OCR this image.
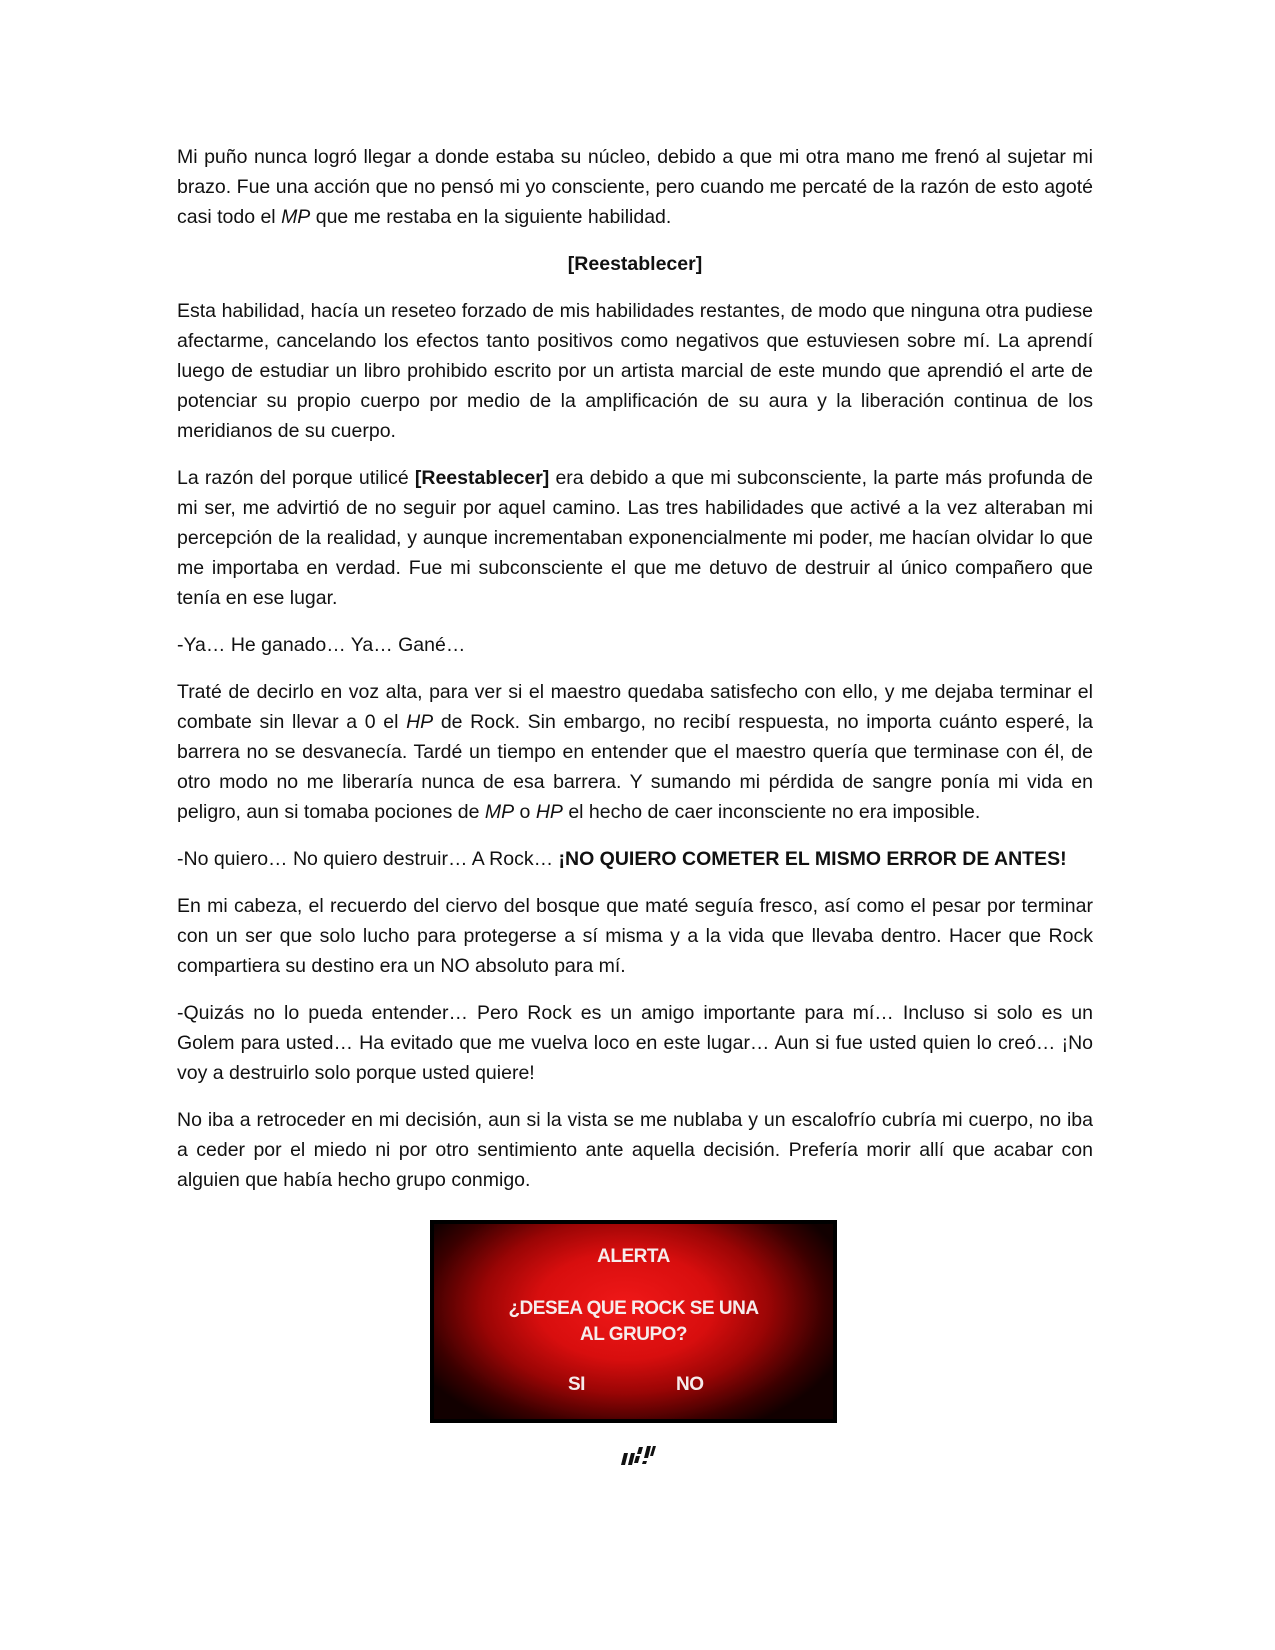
Mi puño nunca logró llegar a donde estaba su núcleo, debido a que mi otra mano me frenó al sujetar mi brazo. Fue una acción que no pensó mi yo consciente, pero cuando me percaté de la razón de esto agoté casi todo el MP que me restaba en la siguiente habilidad.

[Reestablecer]

Esta habilidad, hacía un reseteo forzado de mis habilidades restantes, de modo que ninguna otra pudiese afectarme, cancelando los efectos tanto positivos como negativos que estuviesen sobre mí. La aprendí luego de estudiar un libro prohibido escrito por un artista marcial de este mundo que aprendió el arte de potenciar su propio cuerpo por medio de la amplificación de su aura y la liberación continua de los meridianos de su cuerpo.

La razón del porque utilicé [Reestablecer] era debido a que mi subconsciente, la parte más profunda de mi ser, me advirtió de no seguir por aquel camino. Las tres habilidades que activé a la vez alteraban mi percepción de la realidad, y aunque incrementaban exponencialmente mi poder, me hacían olvidar lo que me importaba en verdad. Fue mi subconsciente el que me detuvo de destruir al único compañero que tenía en ese lugar.

-Ya… He ganado… Ya… Gané…

Traté de decirlo en voz alta, para ver si el maestro quedaba satisfecho con ello, y me dejaba terminar el combate sin llevar a 0 el HP de Rock. Sin embargo, no recibí respuesta, no importa cuánto esperé, la barrera no se desvanecía. Tardé un tiempo en entender que el maestro quería que terminase con él, de otro modo no me liberaría nunca de esa barrera. Y sumando mi pérdida de sangre ponía mi vida en peligro, aun si tomaba pociones de MP o HP el hecho de caer inconsciente no era imposible.

-No quiero… No quiero destruir… A Rock… ¡NO QUIERO COMETER EL MISMO ERROR DE ANTES!

En mi cabeza, el recuerdo del ciervo del bosque que maté seguía fresco, así como el pesar por terminar con un ser que solo lucho para protegerse a sí misma y a la vida que llevaba dentro. Hacer que Rock compartiera su destino era un NO absoluto para mí.

-Quizás no lo pueda entender… Pero Rock es un amigo importante para mí… Incluso si solo es un Golem para usted… Ha evitado que me vuelva loco en este lugar… Aun si fue usted quien lo creó… ¡No voy a destruirlo solo porque usted quiere!

No iba a retroceder en mi decisión, aun si la vista se me nublaba y un escalofrío cubría mi cuerpo, no iba a ceder por el miedo ni por otro sentimiento ante aquella decisión. Prefería morir allí que acabar con alguien que había hecho grupo conmigo.

ALERTA
¿DESEA QUE ROCK SE UNA
AL GRUPO?
SI	NO
